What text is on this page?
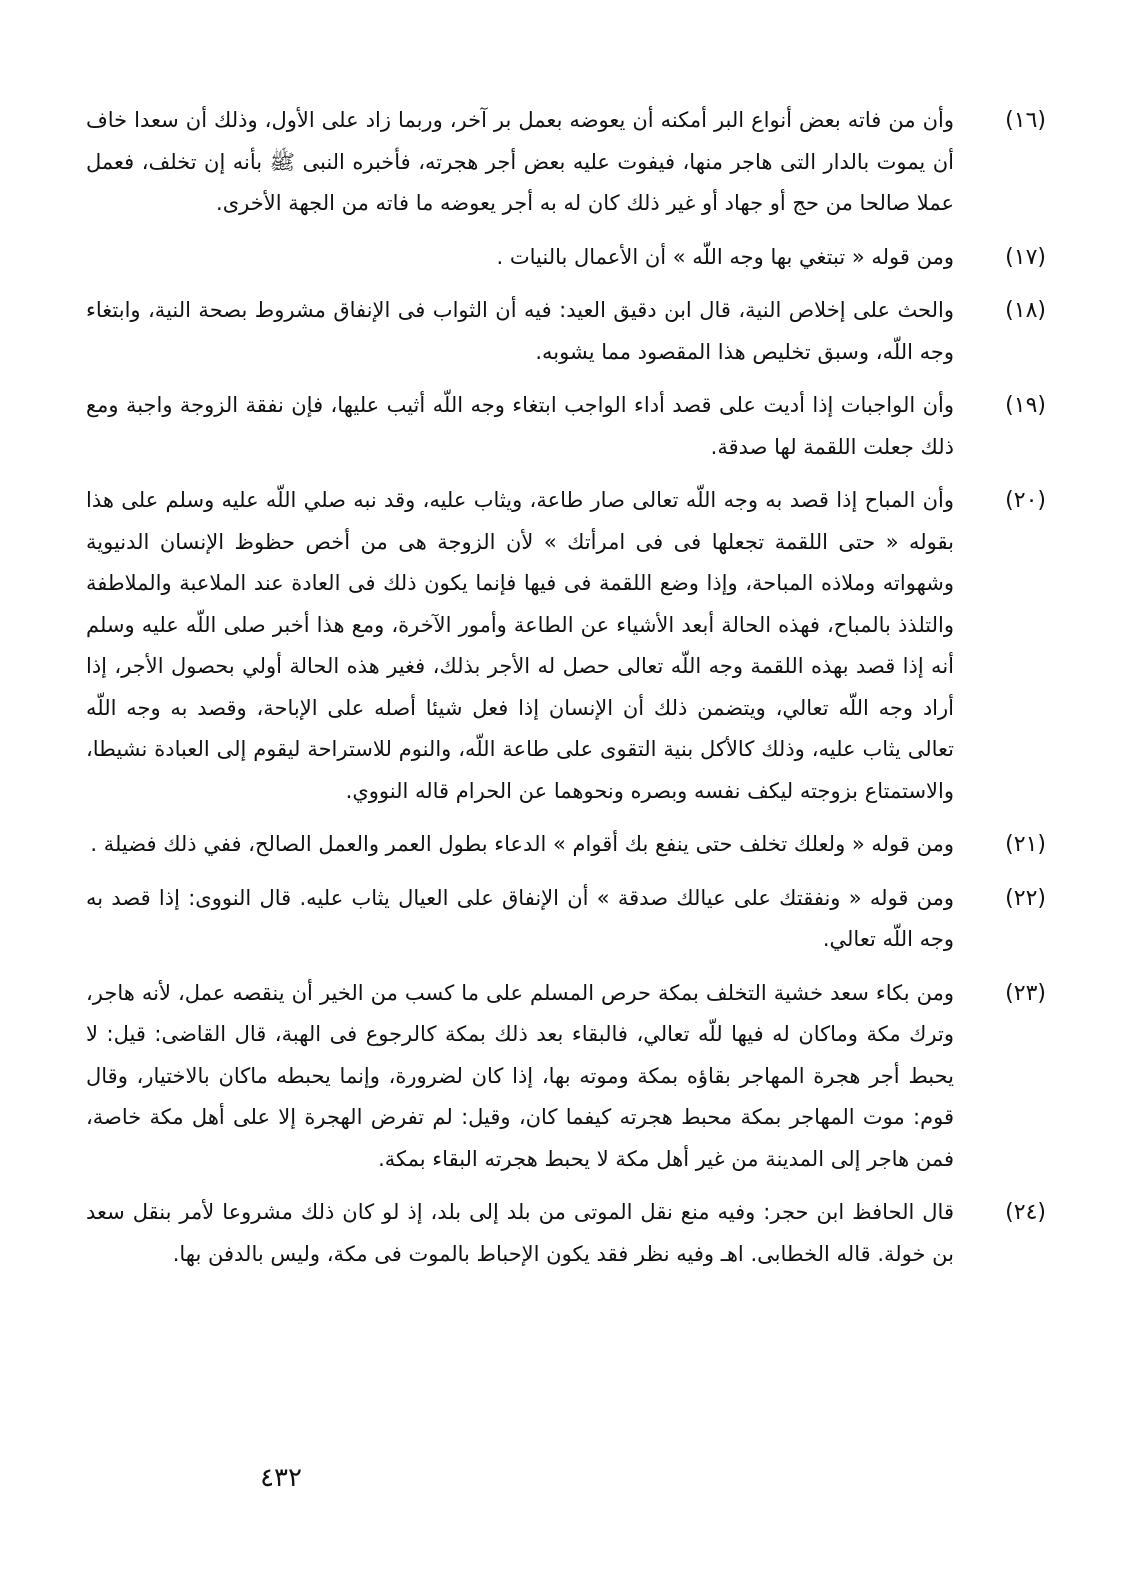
(١٦)
وأن من فاته بعض أنواع البر أمكنه أن يعوضه بعمل بر آخر، وربما زاد على الأول، وذلك أن سعدا خاف أن يموت بالدار التى هاجر منها، فيفوت عليه بعض أجر هجرته، فأخبره النبى ﷺ بأنه إن تخلف، فعمل عملا صالحا من حج أو جهاد أو غير ذلك كان له به أجر يعوضه ما فاته من الجهة الأخرى.
(١٧)
ومن قوله « تبتغي بها وجه اللّه » أن الأعمال بالنيات .
(١٨)
والحث على إخلاص النية، قال ابن دقيق العيد: فيه أن الثواب فى الإنفاق مشروط بصحة النية، وابتغاء وجه اللّه، وسبق تخليص هذا المقصود مما يشوبه.
(١٩)
وأن الواجبات إذا أديت على قصد أداء الواجب ابتغاء وجه اللّه أثيب عليها، فإن نفقة الزوجة واجبة ومع ذلك جعلت اللقمة لها صدقة.
(٢٠)
وأن المباح إذا قصد به وجه اللّه تعالى صار طاعة، ويثاب عليه، وقد نبه صلي اللّه عليه وسلم على هذا بقوله « حتى اللقمة تجعلها فى فى امرأتك » لأن الزوجة هى من أخص حظوظ الإنسان الدنيوية وشهواته وملاذه المباحة، وإذا وضع اللقمة فى فيها فإنما يكون ذلك فى العادة عند الملاعبة والملاطفة والتلذذ بالمباح، فهذه الحالة أبعد الأشياء عن الطاعة وأمور الآخرة، ومع هذا أخبر صلى اللّه عليه وسلم أنه إذا قصد بهذه اللقمة وجه اللّه تعالى حصل له الأجر بذلك، فغير هذه الحالة أولي بحصول الأجر، إذا أراد وجه اللّه تعالي، ويتضمن ذلك أن الإنسان إذا فعل شيئا أصله على الإباحة، وقصد به وجه اللّه تعالى يثاب عليه، وذلك كالأكل بنية التقوى على طاعة اللّه، والنوم للاستراحة ليقوم إلى العبادة نشيطا، والاستمتاع بزوجته ليكف نفسه وبصره ونحوهما عن الحرام قاله النووي.
(٢١)
ومن قوله « ولعلك تخلف حتى ينفع بك أقوام » الدعاء بطول العمر والعمل الصالح، ففي ذلك فضيلة .
(٢٢)
ومن قوله « ونفقتك على عيالك صدقة » أن الإنفاق على العيال يثاب عليه. قال النووى: إذا قصد به وجه اللّه تعالي.
(٢٣)
ومن بكاء سعد خشية التخلف بمكة حرص المسلم على ما كسب من الخير أن ينقصه عمل، لأنه هاجر، وترك مكة وماكان له فيها للّه تعالي، فالبقاء بعد ذلك بمكة كالرجوع فى الهبة، قال القاضى: قيل: لا يحبط أجر هجرة المهاجر بقاؤه بمكة وموته بها، إذا كان لضرورة، وإنما يحبطه ماكان بالاختيار، وقال قوم: موت المهاجر بمكة محبط هجرته كيفما كان، وقيل: لم تفرض الهجرة إلا على أهل مكة خاصة، فمن هاجر إلى المدينة من غير أهل مكة لا يحبط هجرته البقاء بمكة.
(٢٤)
قال الحافظ ابن حجر: وفيه منع نقل الموتى من بلد إلى بلد، إذ لو كان ذلك مشروعا لأمر بنقل سعد بن خولة. قاله الخطابى. اهـ وفيه نظر فقد يكون الإحباط بالموت فى مكة، وليس بالدفن بها.
٤٣٢
